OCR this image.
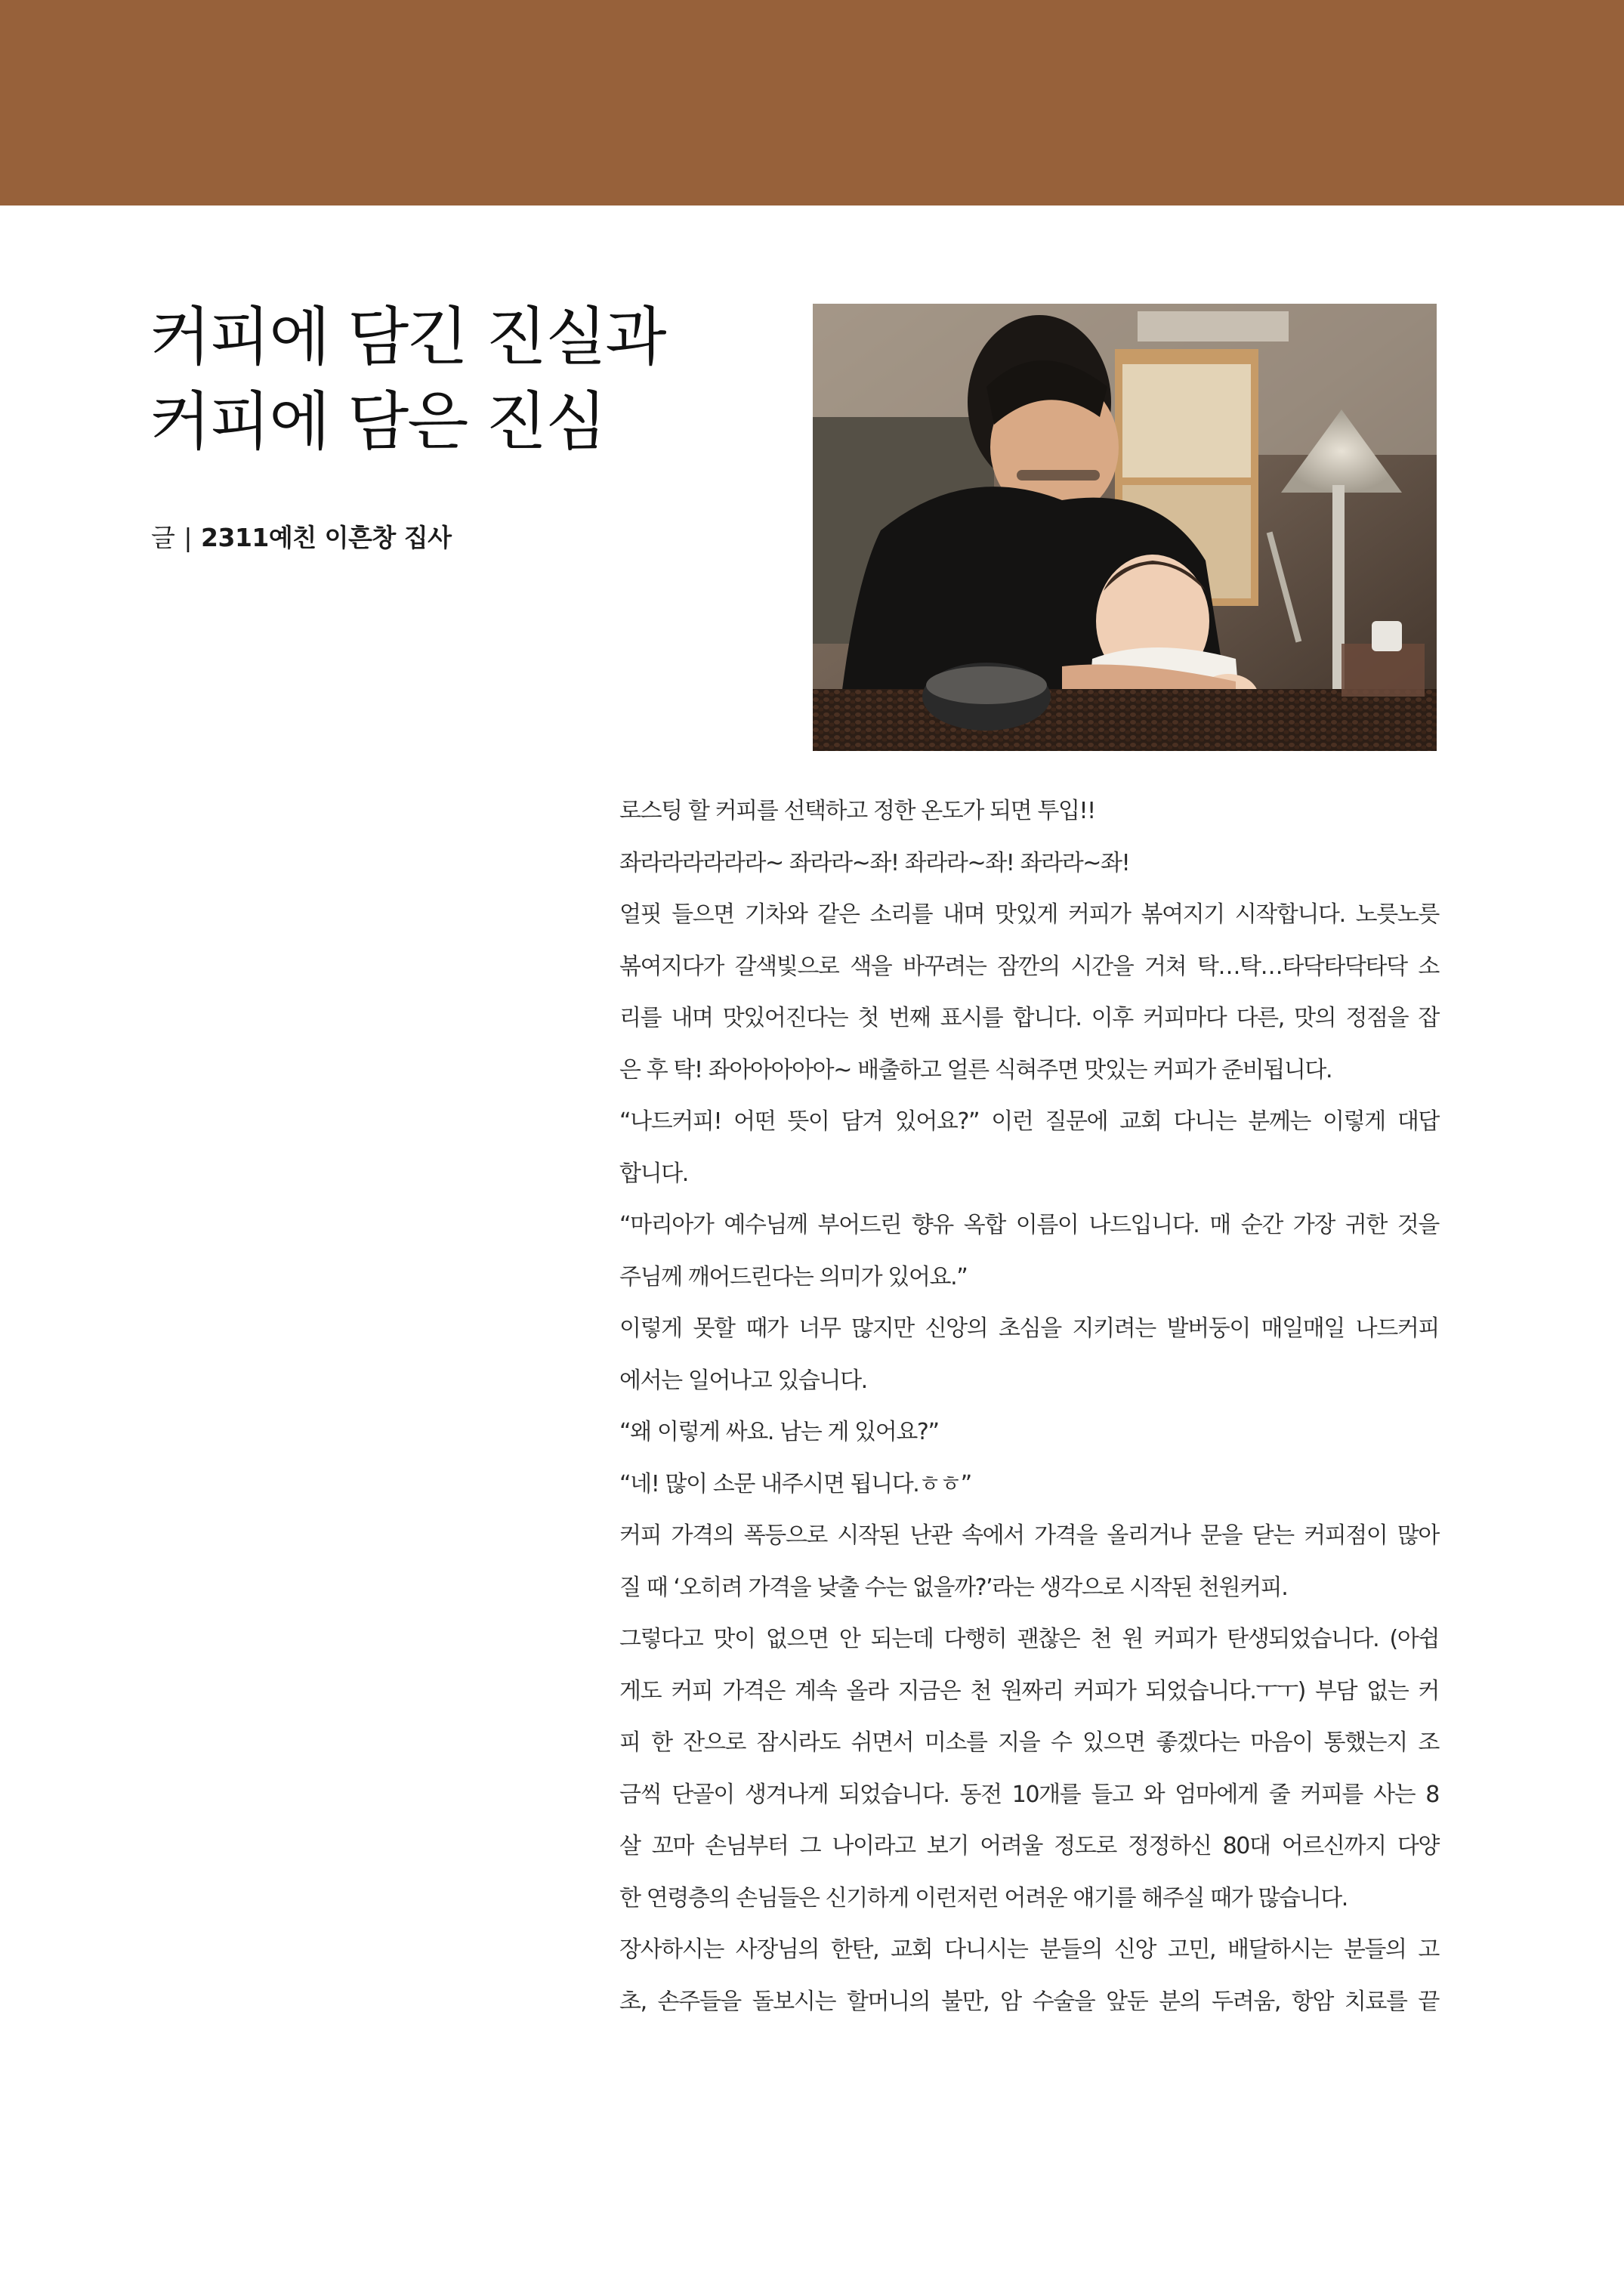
커피에 담긴 진실과
커피에 담은 진심
글 | 2311예친 이흔창 집사
로스팅 할 커피를 선택하고 정한 온도가 되면 투입!!
좌라라라라라라~ 좌라라~좌! 좌라라~좌! 좌라라~좌!
얼핏 들으면 기차와 같은 소리를 내며 맛있게 커피가 볶여지기 시작합니다. 노릇노릇
볶여지다가 갈색빛으로 색을 바꾸려는 잠깐의 시간을 거쳐 탁…탁…타닥타닥타닥 소
리를 내며 맛있어진다는 첫 번째 표시를 합니다. 이후 커피마다 다른, 맛의 정점을 잡
은 후 탁! 좌아아아아아~ 배출하고 얼른 식혀주면 맛있는 커피가 준비됩니다.
“나드커피! 어떤 뜻이 담겨 있어요?” 이런 질문에 교회 다니는 분께는 이렇게 대답
합니다.
“마리아가 예수님께 부어드린 향유 옥합 이름이 나드입니다. 매 순간 가장 귀한 것을
주님께 깨어드린다는 의미가 있어요.”
이렇게 못할 때가 너무 많지만 신앙의 초심을 지키려는 발버둥이 매일매일 나드커피
에서는 일어나고 있습니다.
“왜 이렇게 싸요. 남는 게 있어요?”
“네! 많이 소문 내주시면 됩니다.ㅎㅎ”
커피 가격의 폭등으로 시작된 난관 속에서 가격을 올리거나 문을 닫는 커피점이 많아
질 때 ‘오히려 가격을 낮출 수는 없을까?’라는 생각으로 시작된 천원커피.
그렇다고 맛이 없으면 안 되는데 다행히 괜찮은 천 원 커피가 탄생되었습니다. (아쉽
게도 커피 가격은 계속 올라 지금은 천 원짜리 커피가 되었습니다.ㅜㅜ) 부담 없는 커
피 한 잔으로 잠시라도 쉬면서 미소를 지을 수 있으면 좋겠다는 마음이 통했는지 조
금씩 단골이 생겨나게 되었습니다. 동전 10개를 들고 와 엄마에게 줄 커피를 사는 8
살 꼬마 손님부터 그 나이라고 보기 어려울 정도로 정정하신 80대 어르신까지 다양
한 연령층의 손님들은 신기하게 이런저런 어려운 얘기를 해주실 때가 많습니다.
장사하시는 사장님의 한탄, 교회 다니시는 분들의 신앙 고민, 배달하시는 분들의 고
초, 손주들을 돌보시는 할머니의 불만, 암 수술을 앞둔 분의 두려움, 항암 치료를 끝
